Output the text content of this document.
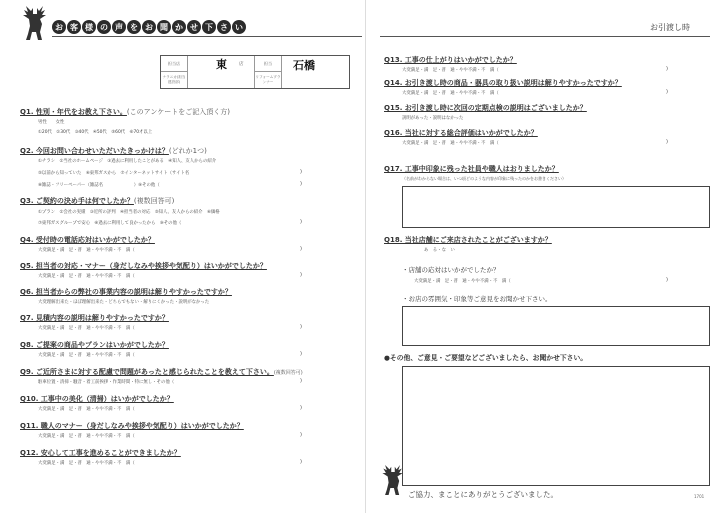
お 客 様 の 声 を お 聞 か せ 下 さ い
担当店	東	店	担当	石橋
ナラニカ(担当建設部)
リフォームプランナー
Q1. 性別・年代をお教え下さい。(このアンケートをご記入頂く方)
男性　　女性
①20代　②30代　③40代　④50代　⑤60代　⑥70才以上
Q2. 今回お問い合わせいただいたきっかけは？(どれか1つ)
①チラシ　②当社のホームページ　③過去に利用したことがある　④知人、友人からの紹介
⑤以前から知っていた　⑥東邦ガスから　⑦インターネットサイト（サイト名	)
⑧雑誌・フリーペーパー（雑誌名　　　　　　　）⑨その他（	)
Q3. ご契約の決め手は何でしたか？(複数回答可)
①プラン　②会社の実績　③近所の評判　④担当者の対応　⑤知人、友人からの紹介　⑥価格
⑦東邦ガスグループで安心　⑧過去に利用して良かったから　⑨その他（	)
Q4. 受付時の電話応対はいかがでしたか？
大変満足・満　足・普　通・やや不満・不　満（	)
Q5. 担当者の対応・マナー（身だしなみや挨拶や気配り）はいかがでしたか？
大変満足・満　足・普　通・やや不満・不　満（	)
Q6. 担当者からの弊社の事業内容の説明は解りやすかったですか？
大変理解出来た・ほぼ理解出来た・どちらでもない・解りにくかった・説明がなかった
Q7. 見積内容の説明は解りやすかったですか？
大変満足・満　足・普　通・やや不満・不　満（	)
Q8. ご提案の商品やプランはいかがでしたか？
大変満足・満　足・普　通・やや不満・不　満（	)
Q9. ご近所さまに対する配慮で問題があったと感じられたことを教えて下さい。(複数回答可)
駐車位置・清掃・騒音・着工前挨拶・作業時間・特に無し・その他（	)
Q10. 工事中の美化（清掃）はいかがでしたか？
大変満足・満　足・普　通・やや不満・不　満（	)
Q11. 職人のマナー（身だしなみや挨拶や気配り）はいかがでしたか？
大変満足・満　足・普　通・やや不満・不　満（	)
Q12. 安心して工事を進めることができましたか？
大変満足・満　足・普　通・やや不満・不　満（	)
お引渡し時
Q13. 工事の仕上がりはいかがでしたか？
大変満足・満　足・普　通・やや不満・不　満（	)
Q14. お引き渡し時の商品・器具の取り扱い説明は解りやすかったですか？
大変満足・満　足・普　通・やや不満・不　満（	)
Q15. お引き渡し時に次回の定期点検の説明はございましたか？
説明があった・説明はなかった
Q16. 当社に対する総合評価はいかがでしたか？
大変満足・満　足・普　通・やや不満・不　満（	)
Q17. 工事中印象に残った社員や職人はおりましたか？
（名前がわからない場合は、いつ頃どのような内容が印象に残ったのかをお書きください）
Q18. 当社店舗にご来店されたことがございますか？
あ　る・な　い
・店舗の応対はいかがでしたか？
大変満足・満　足・普　通・やや不満・不　満（	)
・お店の雰囲気・印象等ご意見をお聞かせ下さい。
●その他、ご意見・ご要望などございましたら、お聞かせ下さい。
ご協力、まことにありがとうございました。	1701
